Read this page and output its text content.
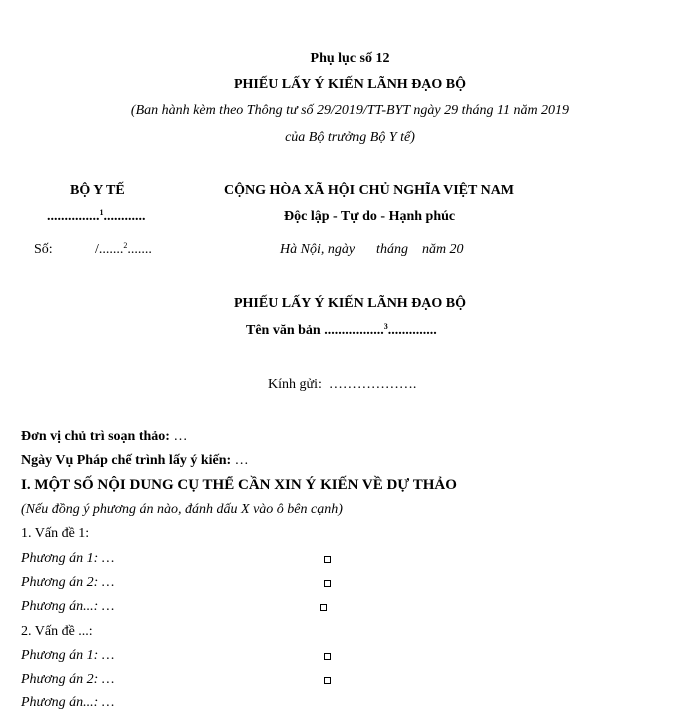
Phụ lục số 12
PHIẾU LẤY Ý KIẾN LÃNH ĐẠO BỘ
(Ban hành kèm theo Thông tư số 29/2019/TT-BYT ngày 29 tháng 11 năm 2019
của Bộ trưởng Bộ Y tế)
BỘ Y TẾ
...............$^1$............
Số:	/.......$^2$.......
CỘNG HÒA XÃ HỘI CHỦ NGHĨA VIỆT NAM
Độc lập - Tự do - Hạnh phúc
Hà Nội, ngày      tháng    năm 20
PHIẾU LẤY Ý KIẾN LÃNH ĐẠO BỘ
Tên văn bản .................$^3$..............
Kính gửi:  ……………….
Đơn vị chủ trì soạn thảo: …
Ngày Vụ Pháp chế trình lấy ý kiến: …
I. MỘT SỐ NỘI DUNG CỤ THỂ CẦN XIN Ý KIẾN VỀ DỰ THẢO
(Nếu đồng ý phương án nào, đánh dấu X vào ô bên cạnh)
1. Vấn đề 1:
Phương án 1: …
Phương án 2: …
Phương án...: …
2. Vấn đề ...:
Phương án 1: …
Phương án 2: …
Phương án...: …
